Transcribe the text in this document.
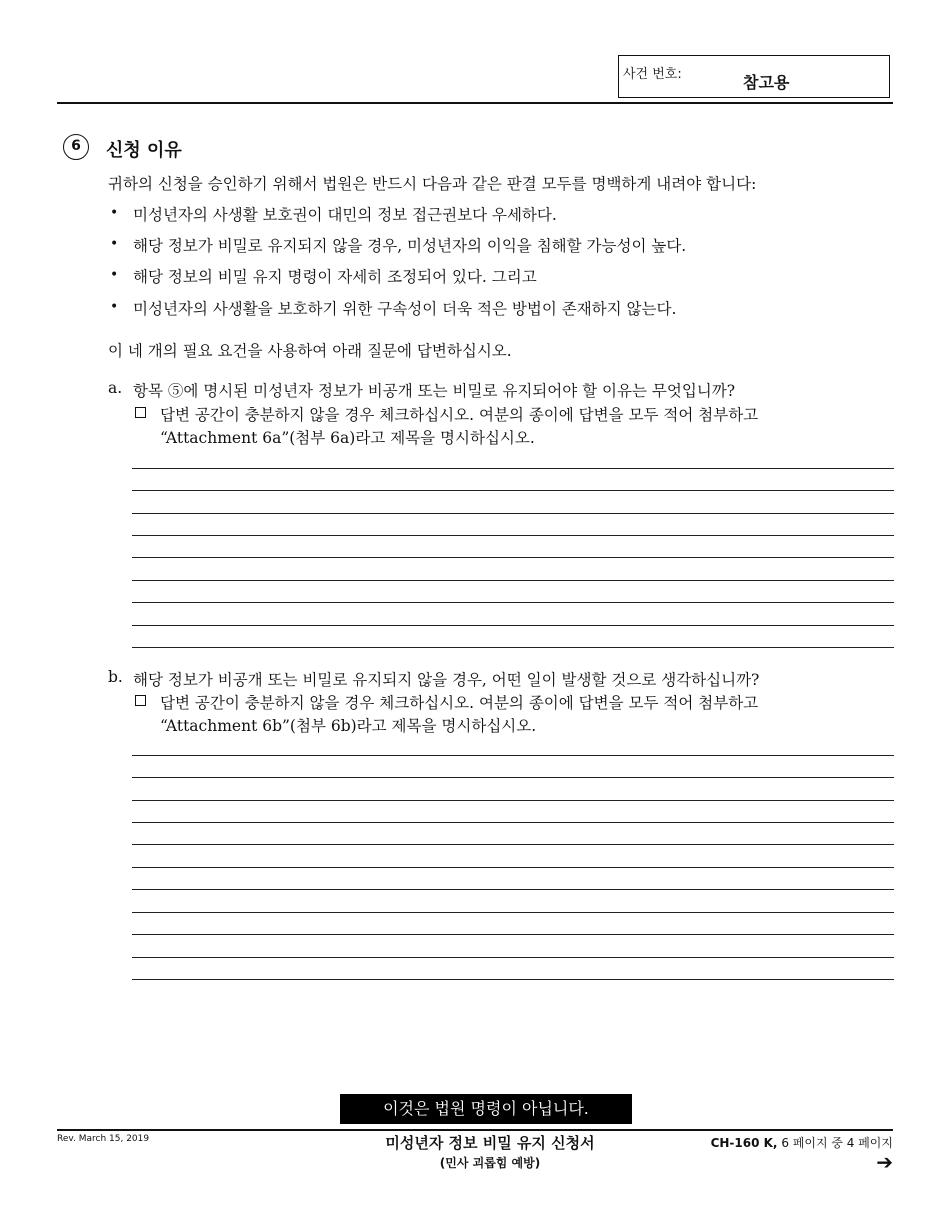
사건 번호:	참고용
6	신청 이유
귀하의 신청을 승인하기 위해서 법원은 반드시 다음과 같은 판결 모두를 명백하게 내려야 합니다:
• 미성년자의 사생활 보호권이 대민의 정보 접근권보다 우세하다.
• 해당 정보가 비밀로 유지되지 않을 경우, 미성년자의 이익을 침해할 가능성이 높다.
• 해당 정보의 비밀 유지 명령이 자세히 조정되어 있다. 그리고
• 미성년자의 사생활을 보호하기 위한 구속성이 더욱 적은 방법이 존재하지 않는다.
이 네 개의 필요 요건을 사용하여 아래 질문에 답변하십시오.
a. 항목 ⑤에 명시된 미성년자 정보가 비공개 또는 비밀로 유지되어야 할 이유는 무엇입니까?
답변 공간이 충분하지 않을 경우 체크하십시오. 여분의 종이에 답변을 모두 적어 첨부하고
“Attachment 6a”(첨부 6a)라고 제목을 명시하십시오.
b. 해당 정보가 비공개 또는 비밀로 유지되지 않을 경우, 어떤 일이 발생할 것으로 생각하십니까?
답변 공간이 충분하지 않을 경우 체크하십시오. 여분의 종이에 답변을 모두 적어 첨부하고
“Attachment 6b”(첨부 6b)라고 제목을 명시하십시오.
이것은 법원 명령이 아닙니다.
Rev. March 15, 2019	미성년자 정보 비밀 유지 신청서
(민사 괴롭힘 예방)
CH-160 K, 6 페이지 중 4 페이지
➔
